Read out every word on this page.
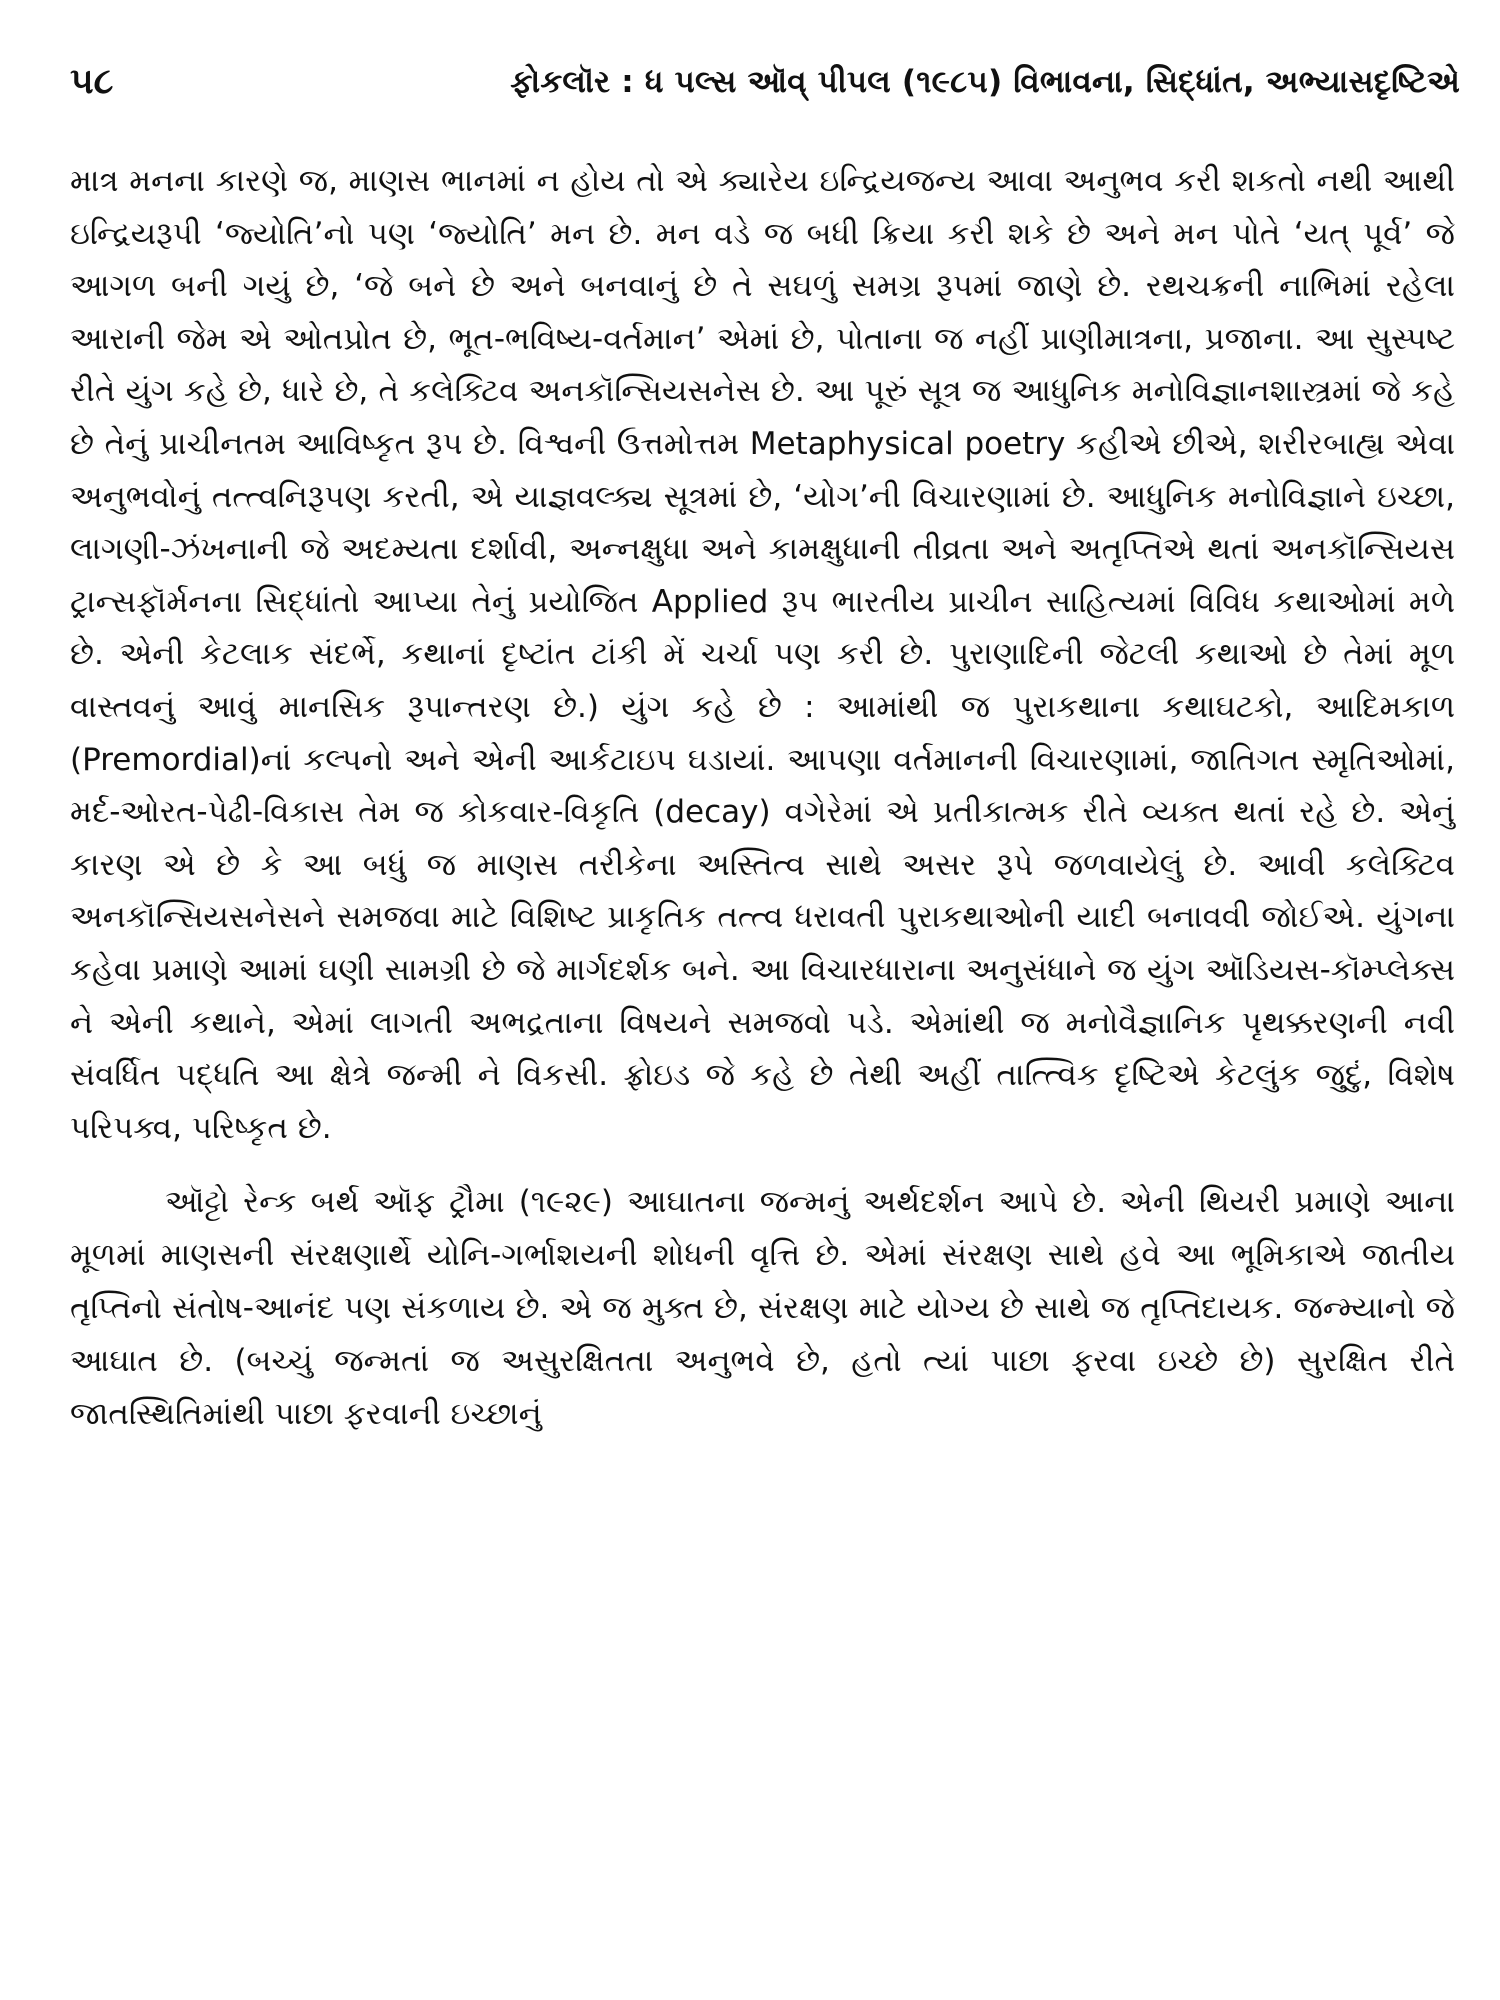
૫૮	ફોકલૉર : ધ પલ્સ ઑવ્ પીપલ (૧૯૮૫) વિભાવના, સિદ્ધાંત, અભ્યાસદૃષ્ટિએ

માત્ર મનના કારણે જ, માણસ ભાનમાં ન હોય તો એ ક્યારેય ઇન્દ્રિયજન્ય આવા અનુભવ કરી શકતો નથી આથી ઇન્દ્રિયરૂપી ‘જ્યોતિ’નો પણ ‘જ્યોતિ’ મન છે. મન વડે જ બધી ક્રિયા કરી શકે છે અને મન પોતે ‘યત્ પૂર્વ’ જે આગળ બની ગયું છે, ‘જે બને છે અને બનવાનું છે તે સઘળું સમગ્ર રૂપમાં જાણે છે. રથચક્રની નાભિમાં રહેલા આરાની જેમ એ ઓતપ્રોત છે, ભૂત-ભવિષ્ય-વર્તમાન’ એમાં છે, પોતાના જ નહીં પ્રાણીમાત્રના, પ્રજાના. આ સુસ્પષ્ટ રીતે યુંગ કહે છે, ધારે છે, તે કલેક્ટિવ અનકૉન્સિયસનેસ છે. આ પૂરું સૂત્ર જ આધુનિક મનોવિજ્ઞાનશાસ્ત્રમાં જે કહે છે તેનું પ્રાચીનતમ આવિષ્કૃત રૂપ છે. વિશ્વની ઉત્તમોત્તમ Metaphysical poetry કહીએ છીએ, શરીરબાહ્ય એવા અનુભવોનું તત્ત્વનિરૂપણ કરતી, એ યાજ્ઞવલ્ક્ય સૂત્રમાં છે, ‘યોગ’ની વિચારણામાં છે. આધુનિક મનોવિજ્ઞાને ઇચ્છા, લાગણી-ઝંખનાની જે અદમ્યતા દર્શાવી, અન્નક્ષુધા અને કામક્ષુધાની તીવ્રતા અને અતૃપ્તિએ થતાં અનકૉન્સિયસ ટ્રાન્સફૉર્મનના સિદ્ધાંતો આપ્યા તેનું પ્રયોજિત Applied રૂપ ભારતીય પ્રાચીન સાહિત્યમાં વિવિધ કથાઓમાં મળે છે. એની કેટલાક સંદર્ભે, કથાનાં દૃષ્ટાંત ટાંકી મેં ચર્ચા પણ કરી છે. પુરાણાદિની જેટલી કથાઓ છે તેમાં મૂળ વાસ્તવનું આવું માનસિક રૂપાન્તરણ છે.) યુંગ કહે છે : આમાંથી જ પુરાકથાના કથાઘટકો, આદિમકાળ (Premordial)નાં કલ્પનો અને એની આર્કટાઇપ ઘડાયાં. આપણા વર્તમાનની વિચારણામાં, જાતિગત સ્મૃતિઓમાં, મર્દ-ઓરત-પેઢી-વિકાસ તેમ જ કોકવાર-વિકૃતિ (decay) વગેરેમાં એ પ્રતીકાત્મક રીતે વ્યક્ત થતાં રહે છે. એનું કારણ એ છે કે આ બધું જ માણસ તરીકેના અસ્તિત્વ સાથે અસર રૂપે જળવાયેલું છે. આવી કલેક્ટિવ અનકૉન્સિયસનેસને સમજવા માટે વિશિષ્ટ પ્રાકૃતિક તત્ત્વ ધરાવતી પુરાકથાઓની યાદી બનાવવી જોઈએ. યુંગના કહેવા પ્રમાણે આમાં ઘણી સામગ્રી છે જે માર્ગદર્શક બને. આ વિચારધારાના અનુસંધાને જ યુંગ ઑડિયસ-કૉમ્પ્લેક્સ ને એની કથાને, એમાં લાગતી અભદ્રતાના વિષયને સમજવો પડે. એમાંથી જ મનોવૈજ્ઞાનિક પૃથક્કરણની નવી સંવર્ધિત પદ્ધતિ આ ક્ષેત્રે જન્મી ને વિકસી. ફ્રોઇડ જે કહે છે તેથી અહીં તાત્ત્વિક દૃષ્ટિએ કેટલુંક જુદું, વિશેષ પરિપક્વ, પરિષ્કૃત છે.

ઑટ્ટો રેન્ક બર્થ ઑફ ટ્રૌમા (૧૯૨૯) આઘાતના જન્મનું અર્થદર્શન આપે છે. એની થિયરી પ્રમાણે આના મૂળમાં માણસની સંરક્ષણાર્થે યોનિ-ગર્ભાશયની શોધની વૃત્તિ છે. એમાં સંરક્ષણ સાથે હવે આ ભૂમિકાએ જાતીય તૃપ્તિનો સંતોષ-આનંદ પણ સંકળાય છે. એ જ મુક્ત છે, સંરક્ષણ માટે યોગ્ય છે સાથે જ તૃપ્તિદાયક. જન્મ્યાનો જે આઘાત છે. (બચ્ચું જન્મતાં જ અસુરક્ષિતતા અનુભવે છે, હતો ત્યાં પાછા ફરવા ઇચ્છે છે) સુરક્ષિત રીતે જાતસ્થિતિમાંથી પાછા ફરવાની ઇચ્છાનું
